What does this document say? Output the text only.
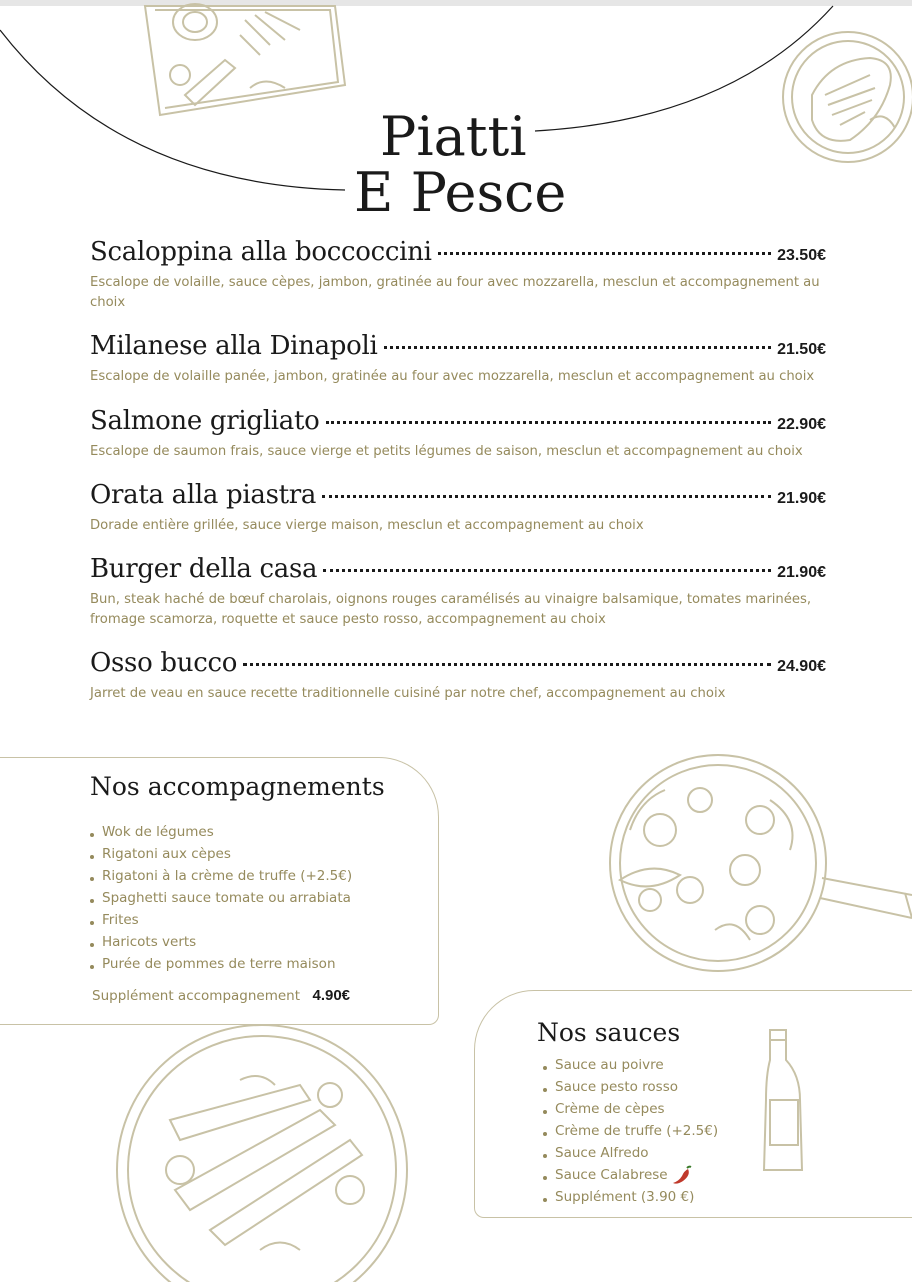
Piatti
E Pesce
Scaloppina alla boccoccini	23.50€
Escalope de volaille, sauce cèpes, jambon, gratinée au four avec mozzarella, mesclun et accompagnement au choix
Milanese alla Dinapoli	21.50€
Escalope de volaille panée, jambon, gratinée au four avec mozzarella, mesclun et accompagnement au choix
Salmone grigliato	22.90€
Escalope de saumon frais, sauce vierge et petits légumes de saison, mesclun et accompagnement au choix
Orata alla piastra	21.90€
Dorade entière grillée, sauce vierge maison, mesclun et accompagnement au choix
Burger della casa	21.90€
Bun, steak haché de bœuf charolais, oignons rouges caramélisés au vinaigre balsamique, tomates marinées, fromage scamorza, roquette et sauce pesto rosso, accompagnement au choix
Osso bucco	24.90€
Jarret de veau en sauce recette traditionnelle cuisiné par notre chef, accompagnement au choix
Nos accompagnements
Wok de légumes
Rigatoni aux cèpes
Rigatoni à la crème de truffe (+2.5€)
Spaghetti sauce tomate ou arrabiata
Frites
Haricots verts
Purée de pommes de terre maison
Supplément accompagnement 4.90€
Nos sauces
Sauce au poivre
Sauce pesto rosso
Crème de cèpes
Crème de truffe (+2.5€)
Sauce Alfredo
Sauce Calabrese
Supplément (3.90 €)
